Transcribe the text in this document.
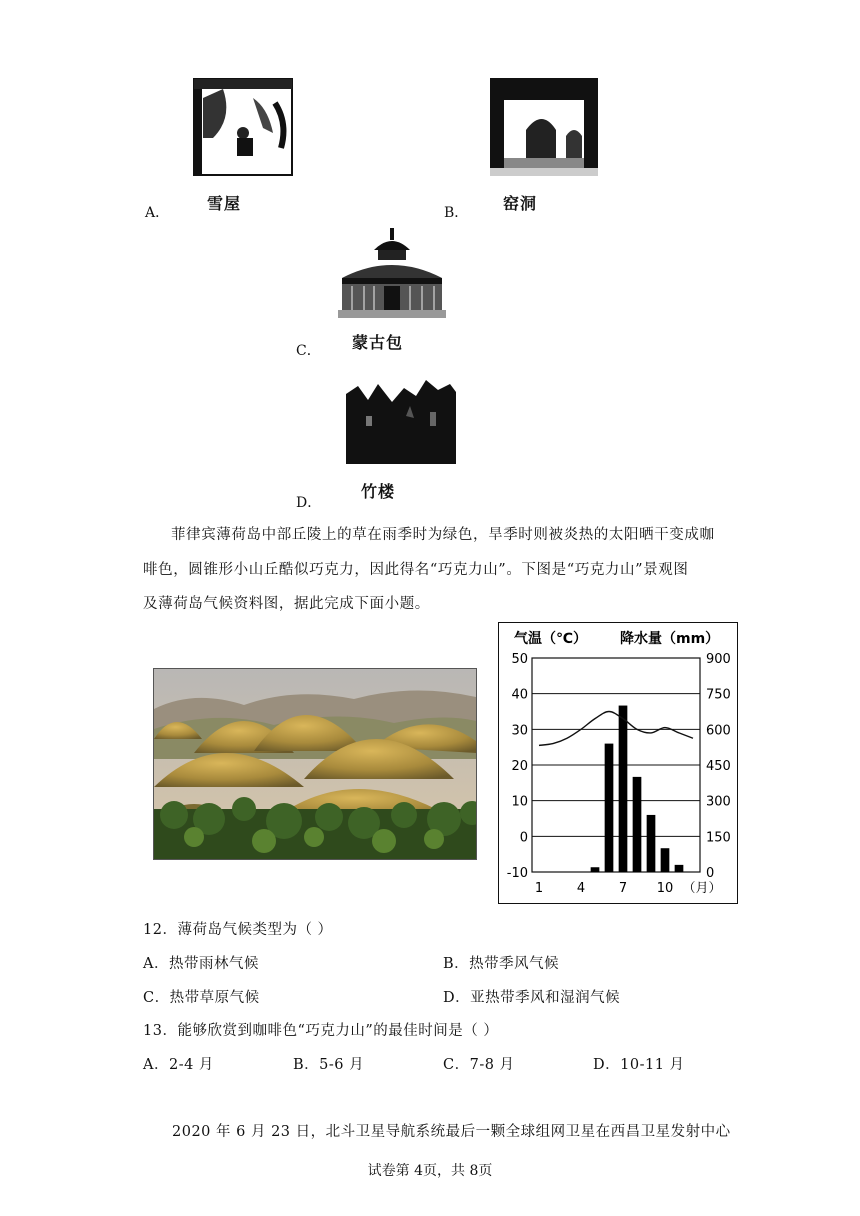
A． 雪屋	B． 窑洞
C． 蒙古包
D．
竹楼
菲律宾薄荷岛中部丘陵上的草在雨季时为绿色，旱季时则被炎热的太阳晒干变成咖
啡色，圆锥形小山丘酷似巧克力，因此得名“巧克力山”。下图是“巧克力山”景观图
及薄荷岛气候资料图，据此完成下面小题。
气温（℃） 降水量（mm）
50
40
30
20
10
0
-10
900
750
600
450
300
150
0
1	4	7 10 （月）
12．薄荷岛气候类型为（ ）
A．热带雨林气候	B．热带季风气候
C．热带草原气候	D．亚热带季风和湿润气候
13．能够欣赏到咖啡色“巧克力山”的最佳时间是（ ）
A．2-4 月	B．5-6 月	C．7-8 月	D．10-11 月
2020 年 6 月 23 日，北斗卫星导航系统最后一颗全球组网卫星在西昌卫星发射中心
试卷第 4页，共 8页
